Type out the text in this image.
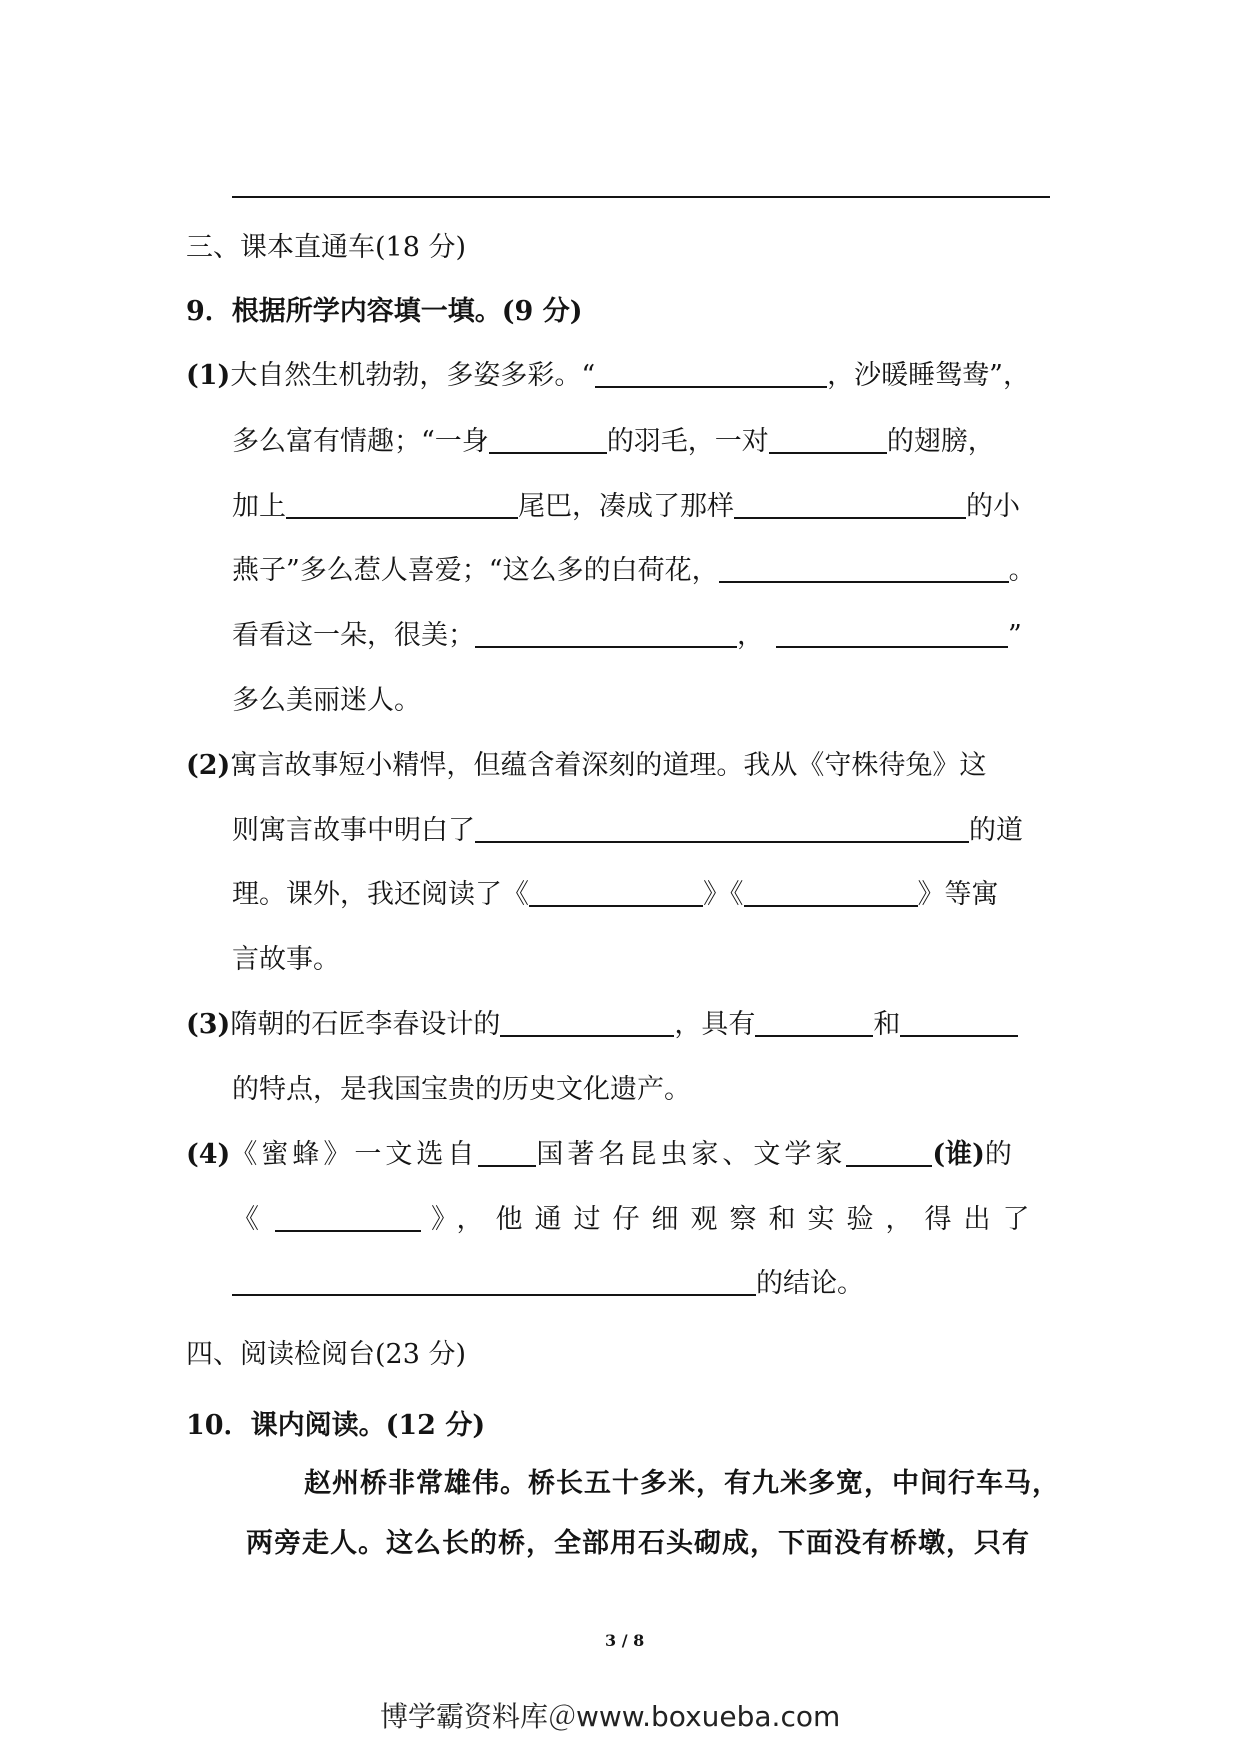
三、课本直通车(18 分)
9．根据所学内容填一填。(9 分)
(1)大自然生机勃勃，多姿多彩。“	，沙暖睡鸳鸯”，
多么富有情趣；“一身	的羽毛，一对	的翅膀，
加上	尾巴，凑成了那样	的小
燕子”多么惹人喜爱；“这么多的白荷花，	。
看看这一朵，很美；	，	”
多么美丽迷人。
(2)寓言故事短小精悍，但蕴含着深刻的道理。我从《守株待兔》这
则寓言故事中明白了	的道
理。课外，我还阅读了《	》《	》等寓
言故事。
(3)隋朝的石匠李春设计的	，具有	和
的特点，是我国宝贵的历史文化遗产。
(4)《蜜蜂》一文选自 国著名昆虫家、文学家	(谁)的
《	》，他通过仔细观察和实验，得出了
的结论。
四、阅读检阅台(23 分)
10．课内阅读。(12 分)
赵州桥非常雄伟。桥长五十多米，有九米多宽，中间行车马，
两旁走人。这么长的桥，全部用石头砌成，下面没有桥墩，只有
3 / 8
博学霸资料库＠www.boxueba.com
